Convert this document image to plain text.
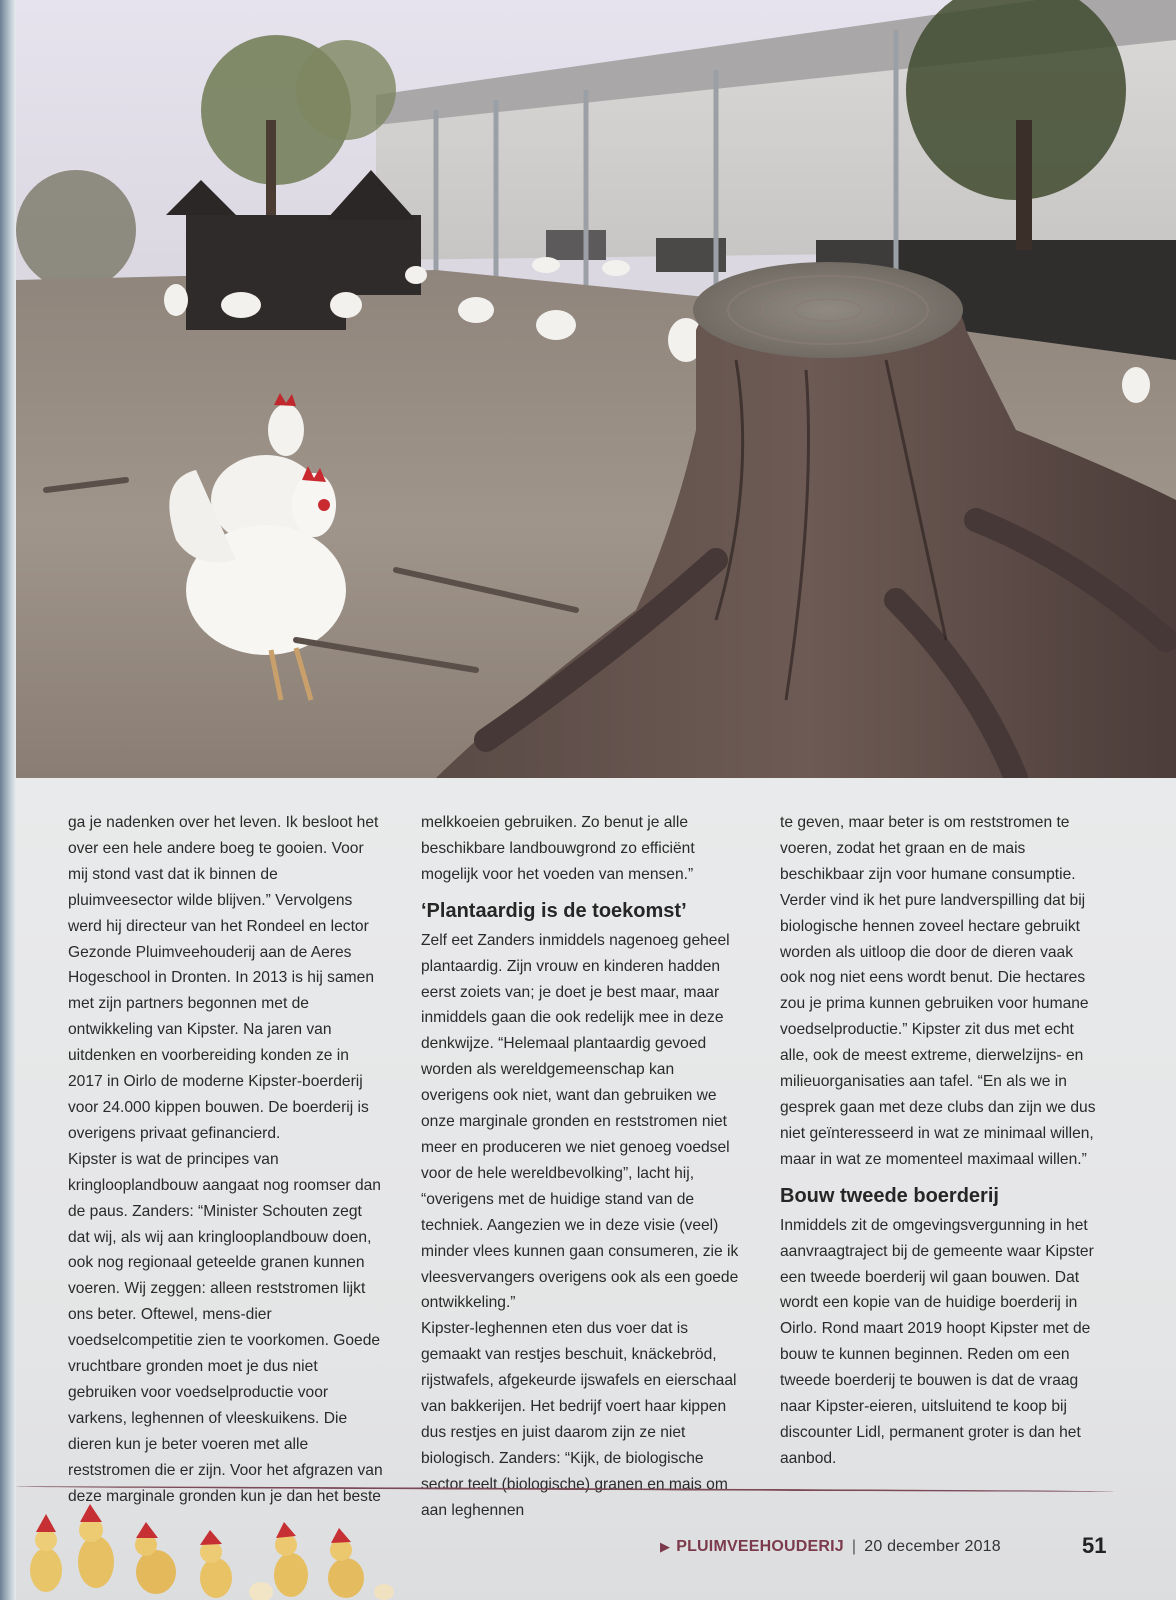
ga je nadenken over het leven. Ik besloot het over een hele andere boeg te gooien. Voor mij stond vast dat ik binnen de pluimveesector wilde blijven.” Vervolgens werd hij directeur van het Rondeel en lector Gezonde Pluimveehouderij aan de Aeres Hogeschool in Dronten. In 2013 is hij samen met zijn partners begonnen met de ontwikkeling van Kipster. Na jaren van uitdenken en voorbereiding konden ze in 2017 in Oirlo de moderne Kipster-boerderij voor 24.000 kippen bouwen. De boerderij is overigens privaat gefinancierd.

Kipster is wat de principes van kringlooplandbouw aangaat nog roomser dan de paus. Zanders: “Minister Schouten zegt dat wij, als wij aan kringlooplandbouw doen, ook nog regionaal geteelde granen kunnen voeren. Wij zeggen: alleen reststromen lijkt ons beter. Oftewel, mens-dier voedselcompetitie zien te voorkomen. Goede vruchtbare gronden moet je dus niet gebruiken voor voedselproductie voor varkens, leghennen of vleeskuikens. Die dieren kun je beter voeren met alle reststromen die er zijn. Voor het afgrazen van deze marginale gronden kun je dan het beste

melkkoeien gebruiken. Zo benut je alle beschikbare landbouwgrond zo efficiënt mogelijk voor het voeden van mensen.”

‘Plantaardig is de toekomst’

Zelf eet Zanders inmiddels nagenoeg geheel plantaardig. Zijn vrouw en kinderen hadden eerst zoiets van; je doet je best maar, maar inmiddels gaan die ook redelijk mee in deze denkwijze. “Helemaal plantaardig gevoed worden als wereldgemeenschap kan overigens ook niet, want dan gebruiken we onze marginale gronden en reststromen niet meer en produceren we niet genoeg voedsel voor de hele wereldbevolking”, lacht hij, “overigens met de huidige stand van de techniek. Aangezien we in deze visie (veel) minder vlees kunnen gaan consumeren, zie ik vleesvervangers overigens ook als een goede ontwikkeling.”

Kipster-leghennen eten dus voer dat is gemaakt van restjes beschuit, knäckebröd, rijstwafels, afgekeurde ijswafels en eierschaal van bakkerijen. Het bedrijf voert haar kippen dus restjes en juist daarom zijn ze niet biologisch. Zanders: “Kijk, de biologische sector teelt (biologische) granen en mais om aan leghennen

te geven, maar beter is om reststromen te voeren, zodat het graan en de mais beschikbaar zijn voor humane consumptie. Verder vind ik het pure landverspilling dat bij biologische hennen zoveel hectare gebruikt worden als uitloop die door de dieren vaak ook nog niet eens wordt benut. Die hectares zou je prima kunnen gebruiken voor humane voedselproductie.” Kipster zit dus met echt alle, ook de meest extreme, dierwelzijns- en milieuorganisaties aan tafel. “En als we in gesprek gaan met deze clubs dan zijn we dus niet geïnteresseerd in wat ze minimaal willen, maar in wat ze momenteel maximaal willen.”

Bouw tweede boerderij

Inmiddels zit de omgevingsvergunning in het aanvraagtraject bij de gemeente waar Kipster een tweede boerderij wil gaan bouwen. Dat wordt een kopie van de huidige boerderij in Oirlo. Rond maart 2019 hoopt Kipster met de bouw te kunnen beginnen. Reden om een tweede boerderij te bouwen is dat de vraag naar Kipster-eieren, uitsluitend te koop bij discounter Lidl, permanent groter is dan het aanbod.

▶ PLUIMVEEHOUDERIJ | 20 december 2018	51
